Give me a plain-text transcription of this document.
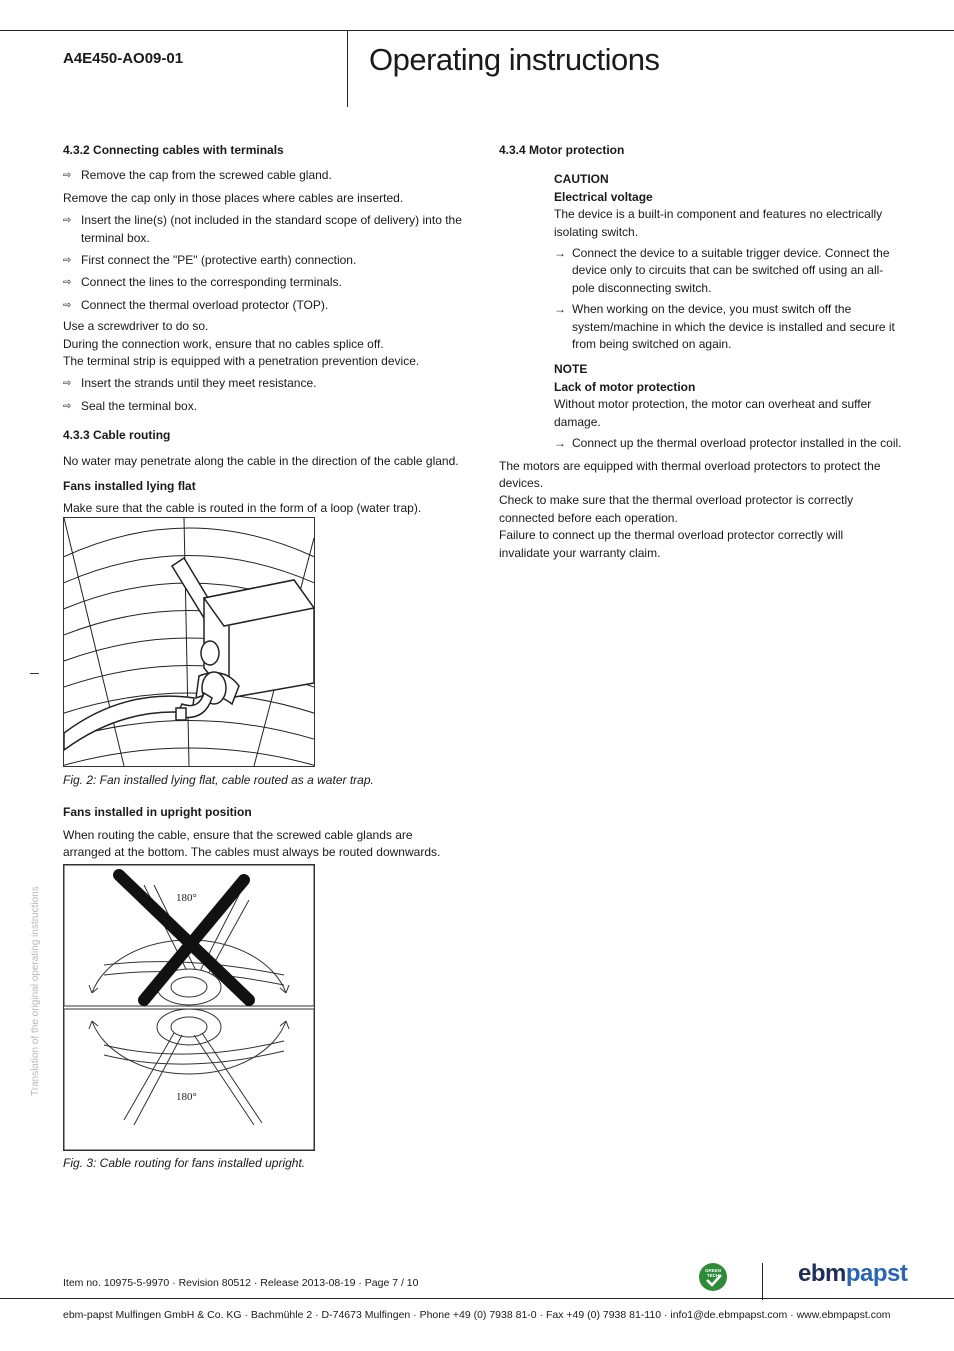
A4E450-AO09-01	Operating instructions

4.3.2 Connecting cables with terminals

⇨ Remove the cap from the screwed cable gland.

Remove the cap only in those places where cables are inserted.

⇨ Insert the line(s) (not included in the standard scope of delivery) into the terminal box.

⇨ First connect the "PE" (protective earth) connection.

⇨ Connect the lines to the corresponding terminals.

⇨ Connect the thermal overload protector (TOP).

Use a screwdriver to do so.

During the connection work, ensure that no cables splice off.

The terminal strip is equipped with a penetration prevention device.

⇨ Insert the strands until they meet resistance.

⇨ Seal the terminal box.

4.3.3 Cable routing

No water may penetrate along the cable in the direction of the cable gland.

Fans installed lying flat

Make sure that the cable is routed in the form of a loop (water trap).

Fig. 2: Fan installed lying flat, cable routed as a water trap.

Fans installed in upright position

When routing the cable, ensure that the screwed cable glands are arranged at the bottom. The cables must always be routed downwards.

180°
180°

Fig. 3: Cable routing for fans installed upright.

4.3.4 Motor protection

CAUTION

Electrical voltage

The device is a built-in component and features no electrically isolating switch.

→ Connect the device to a suitable trigger device. Connect the device only to circuits that can be switched off using an all-pole disconnecting switch.

→ When working on the device, you must switch off the system/machine in which the device is installed and secure it from being switched on again.

NOTE

Lack of motor protection

Without motor protection, the motor can overheat and suffer damage.

→ Connect up the thermal overload protector installed in the coil.

The motors are equipped with thermal overload protectors to protect the devices.

Check to make sure that the thermal overload protector is correctly connected before each operation.

Failure to connect up the thermal overload protector correctly will invalidate your warranty claim.

Translation of the original operating instructions
Item no. 10975-5-9970 · Revision 80512 · Release 2013-08-19 · Page 7 / 10
GREEN
TECH	ebmpapst
ebm-papst Mulfingen GmbH & Co. KG · Bachmühle 2 · D-74673 Mulfingen · Phone +49 (0) 7938 81-0 · Fax +49 (0) 7938 81-110 · info1@de.ebmpapst.com · www.ebmpapst.com
